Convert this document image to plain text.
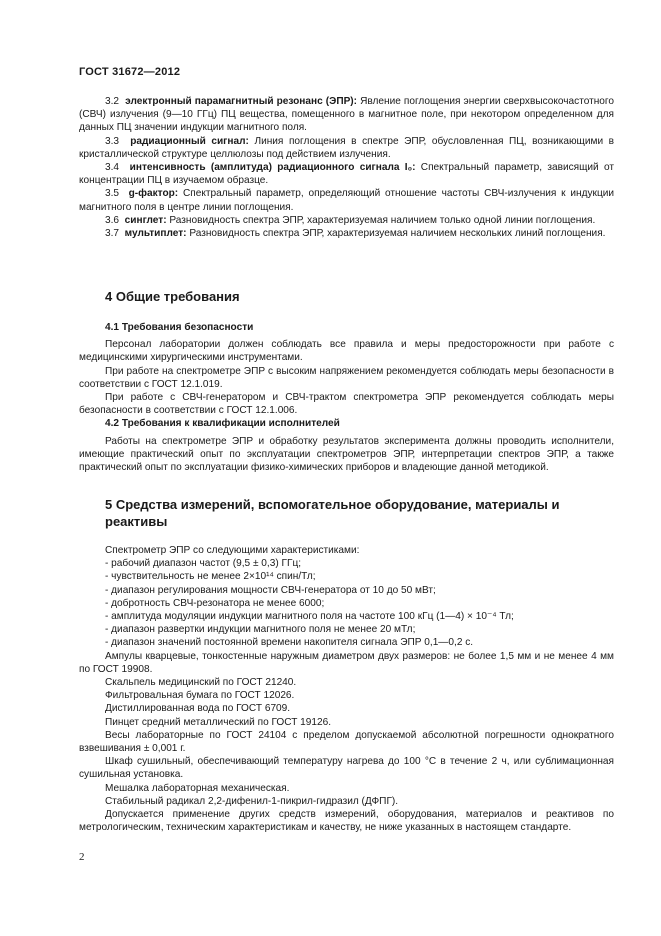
ГОСТ 31672—2012

3.2 электронный парамагнитный резонанс (ЭПР): Явление поглощения энергии сверхвысокочастотного (СВЧ) излучения (9—10 ГГц) ПЦ вещества, помещенного в магнитное поле, при некотором определенном для данных ПЦ значении индукции магнитного поля.

3.3 радиационный сигнал: Линия поглощения в спектре ЭПР, обусловленная ПЦ, возникающими в кристаллической структуре целлюлозы под действием излучения.

3.4 интенсивность (амплитуда) радиационного сигнала I₀: Спектральный параметр, зависящий от концентрации ПЦ в изучаемом образце.

3.5 g-фактор: Спектральный параметр, определяющий отношение частоты СВЧ-излучения к индукции магнитного поля в центре линии поглощения.

3.6 синглет: Разновидность спектра ЭПР, характеризуемая наличием только одной линии поглощения.

3.7 мультиплет: Разновидность спектра ЭПР, характеризуемая наличием нескольких линий поглощения.

4 Общие требования

4.1 Требования безопасности

Персонал лаборатории должен соблюдать все правила и меры предосторожности при работе с медицинскими хирургическими инструментами.

При работе на спектрометре ЭПР с высоким напряжением рекомендуется соблюдать меры безопасности в соответствии с ГОСТ 12.1.019.

При работе с СВЧ-генератором и СВЧ-трактом спектрометра ЭПР рекомендуется соблюдать меры безопасности в соответствии с ГОСТ 12.1.006.

4.2 Требования к квалификации исполнителей

Работы на спектрометре ЭПР и обработку результатов эксперимента должны проводить исполнители, имеющие практический опыт по эксплуатации спектрометров ЭПР, интерпретации спектров ЭПР, а также практический опыт по эксплуатации физико-химических приборов и владеющие данной методикой.

5 Средства измерений, вспомогательное оборудование, материалы и реактивы

Спектрометр ЭПР со следующими характеристиками:

- рабочий диапазон частот (9,5 ± 0,3) ГГц;

- чувствительность не менее 2×10¹⁴ спин/Тл;

- диапазон регулирования мощности СВЧ-генератора от 10 до 50 мВт;

- добротность СВЧ-резонатора не менее 6000;

- амплитуда модуляции индукции магнитного поля на частоте 100 кГц (1—4) × 10⁻⁴ Тл;

- диапазон развертки индукции магнитного поля не менее 20 мТл;

- диапазон значений постоянной времени накопителя сигнала ЭПР 0,1—0,2 с.

Ампулы кварцевые, тонкостенные наружным диаметром двух размеров: не более 1,5 мм и не менее 4 мм по ГОСТ 19908.

Скальпель медицинский по ГОСТ 21240.

Фильтровальная бумага по ГОСТ 12026.

Дистиллированная вода по ГОСТ 6709.

Пинцет средний металлический по ГОСТ 19126.

Весы лабораторные по ГОСТ 24104 с пределом допускаемой абсолютной погрешности однократного взвешивания ± 0,001 г.

Шкаф сушильный, обеспечивающий температуру нагрева до 100 °С в течение 2 ч, или сублимационная сушильная установка.

Мешалка лабораторная механическая.

Стабильный радикал 2,2-дифенил-1-пикрил-гидразил (ДФПГ).

Допускается применение других средств измерений, оборудования, материалов и реактивов по метрологическим, техническим характеристикам и качеству, не ниже указанных в настоящем стандарте.

2
